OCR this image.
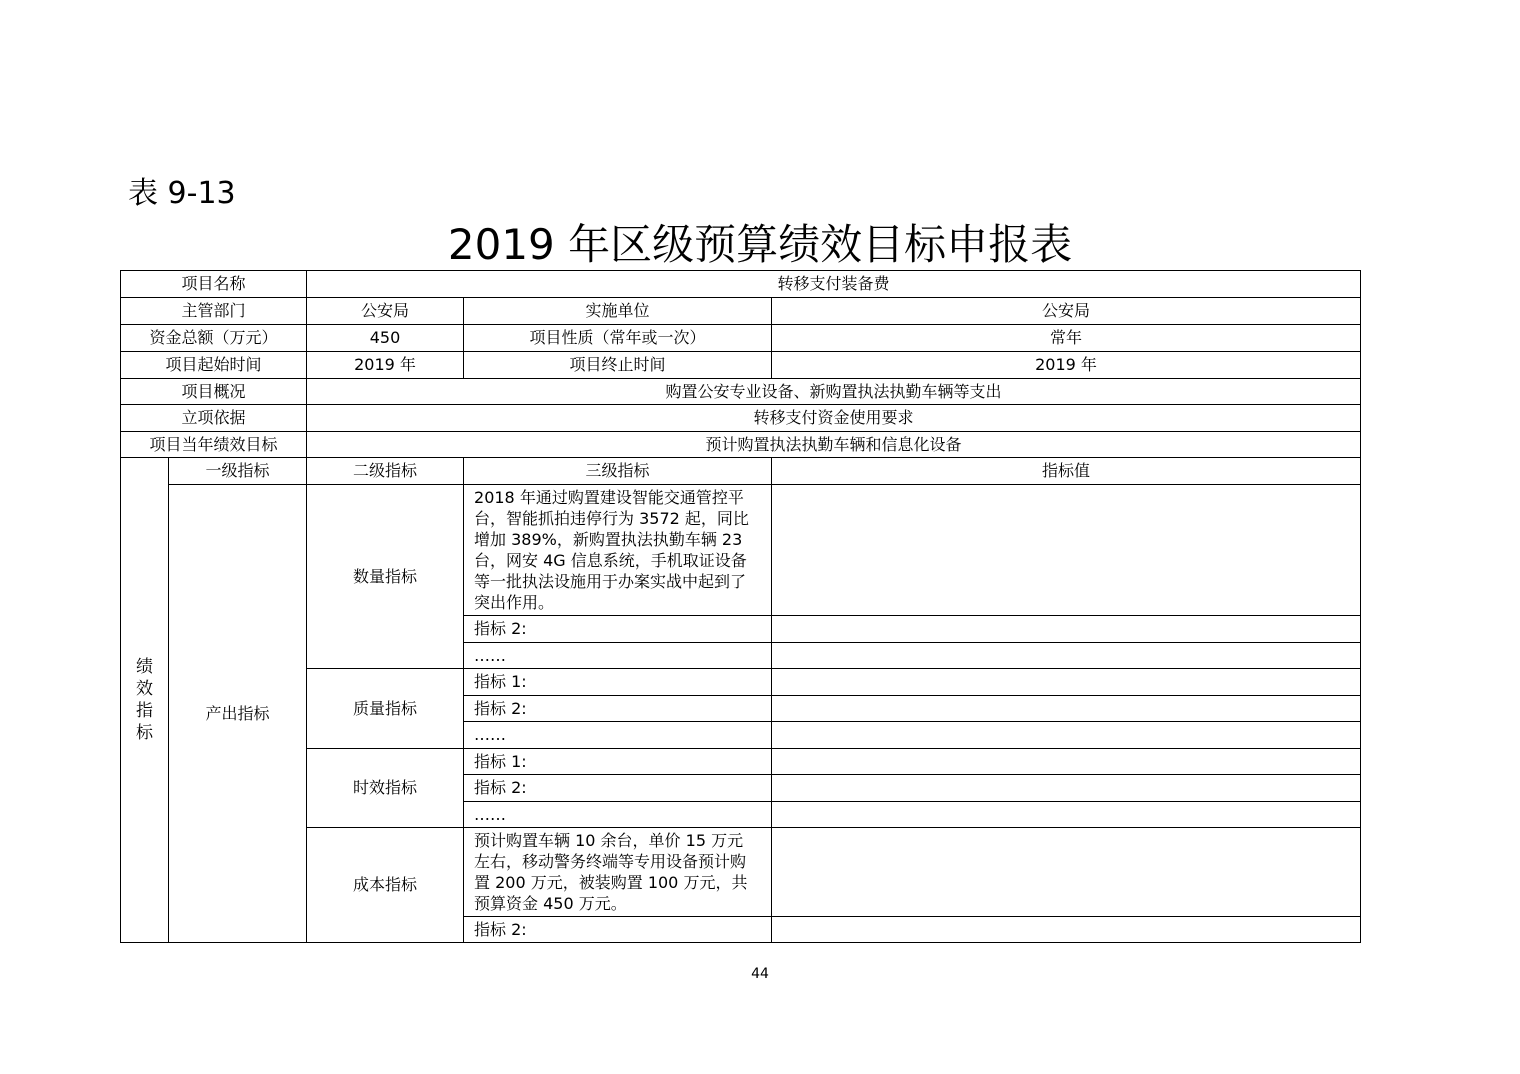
表 9-13
2019 年区级预算绩效目标申报表
项目名称		转移支付装备费		
主管部门		公安局	实施单位	公安局
资金总额（万元）		450	项目性质（常年或一次）	常年
项目起始时间		2019 年	项目终止时间	2019 年
项目概况		购置公安专业设备、新购置执法执勤车辆等支出		
立项依据		转移支付资金使用要求		
项目当年绩效目标		预计购置执法执勤车辆和信息化设备		
绩效指标	一级指标	二级指标	三级指标	指标值
	产出指标	数量指标	2018 年通过购置建设智能交通管控平台，智能抓拍违停行为 3572 起，同比增加 389%，新购置执法执勤车辆 23 台，网安 4G 信息系统，手机取证设备等一批执法设施用于办案实战中起到了突出作用。	
			指标 2:	
			……	
		质量指标	指标 1:	
			指标 2:	
			……	
		时效指标	指标 1:	
			指标 2:	
			……	
		成本指标	预计购置车辆 10 余台，单价 15 万元左右，移动警务终端等专用设备预计购置 200 万元，被装购置 100 万元，共预算资金 450 万元。	
			指标 2:	
44
